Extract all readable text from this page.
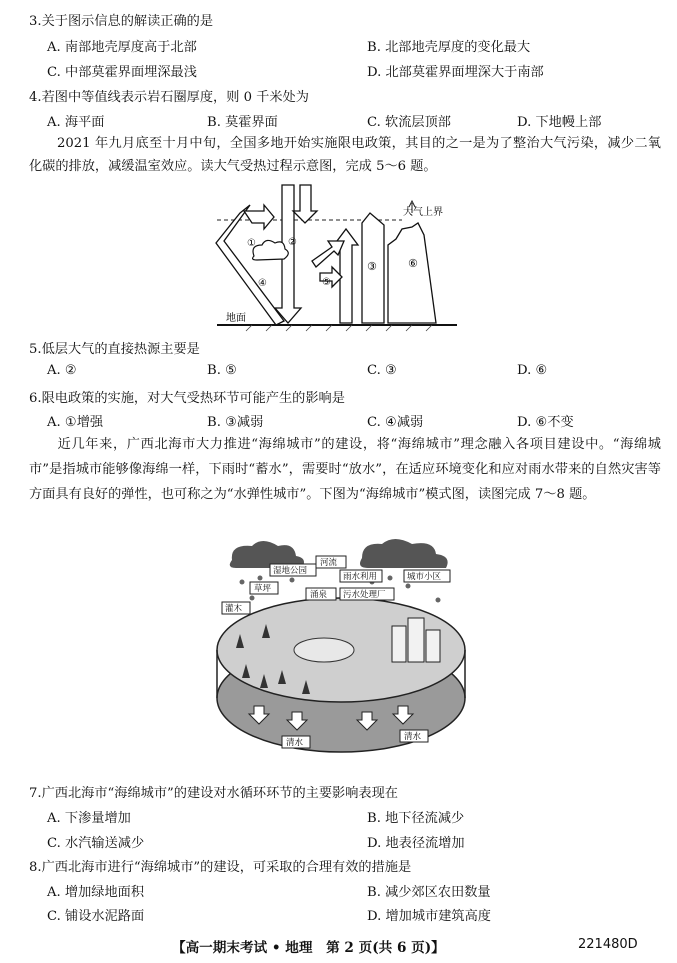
3.关于图示信息的解读正确的是
A. 南部地壳厚度高于北部	B. 北部地壳厚度的变化最大
C. 中部莫霍界面埋深最浅	D. 北部莫霍界面埋深大于南部
4.若图中等值线表示岩石圈厚度，则 0 千米处为
A. 海平面	B. 莫霍界面	C. 软流层顶部	D. 下地幔上部
2021 年九月底至十月中旬，全国多地开始实施限电政策，其目的之一是为了整治大气污染，减少二氧化碳的排放，减缓温室效应。读大气受热过程示意图，完成 5～6 题。
大气上界
地面
①	②
③
④	⑤
⑥
5.低层大气的直接热源主要是
A. ②	B. ⑤	C. ③	D. ⑥
6.限电政策的实施，对大气受热环节可能产生的影响是
A. ①增强	B. ③减弱	C. ④减弱	D. ⑥不变
近几年来，广西北海市大力推进“海绵城市”的建设，将“海绵城市”理念融入各项目建设中。“海绵城市”是指城市能够像海绵一样，下雨时“蓄水”，需要时“放水”，在适应环境变化和应对雨水带来的自然灾害等方面具有良好的弹性，也可称之为“水弹性城市”。下图为“海绵城市”模式图，读图完成 7～8 题。
湿地公园
河流
草坪
涌泉
雨水利用	城市小区
灌木
污水处理厂
清水
清水
7.广西北海市“海绵城市”的建设对水循环环节的主要影响表现在
A. 下渗量增加	B. 地下径流减少
C. 水汽输送减少	D. 地表径流增加
8.广西北海市进行“海绵城市”的建设，可采取的合理有效的措施是
A. 增加绿地面积	B. 减少郊区农田数量
C. 铺设水泥路面	D. 增加城市建筑高度
【高一期末考试 • 地理　第 2 页(共 6 页)】	221480D
